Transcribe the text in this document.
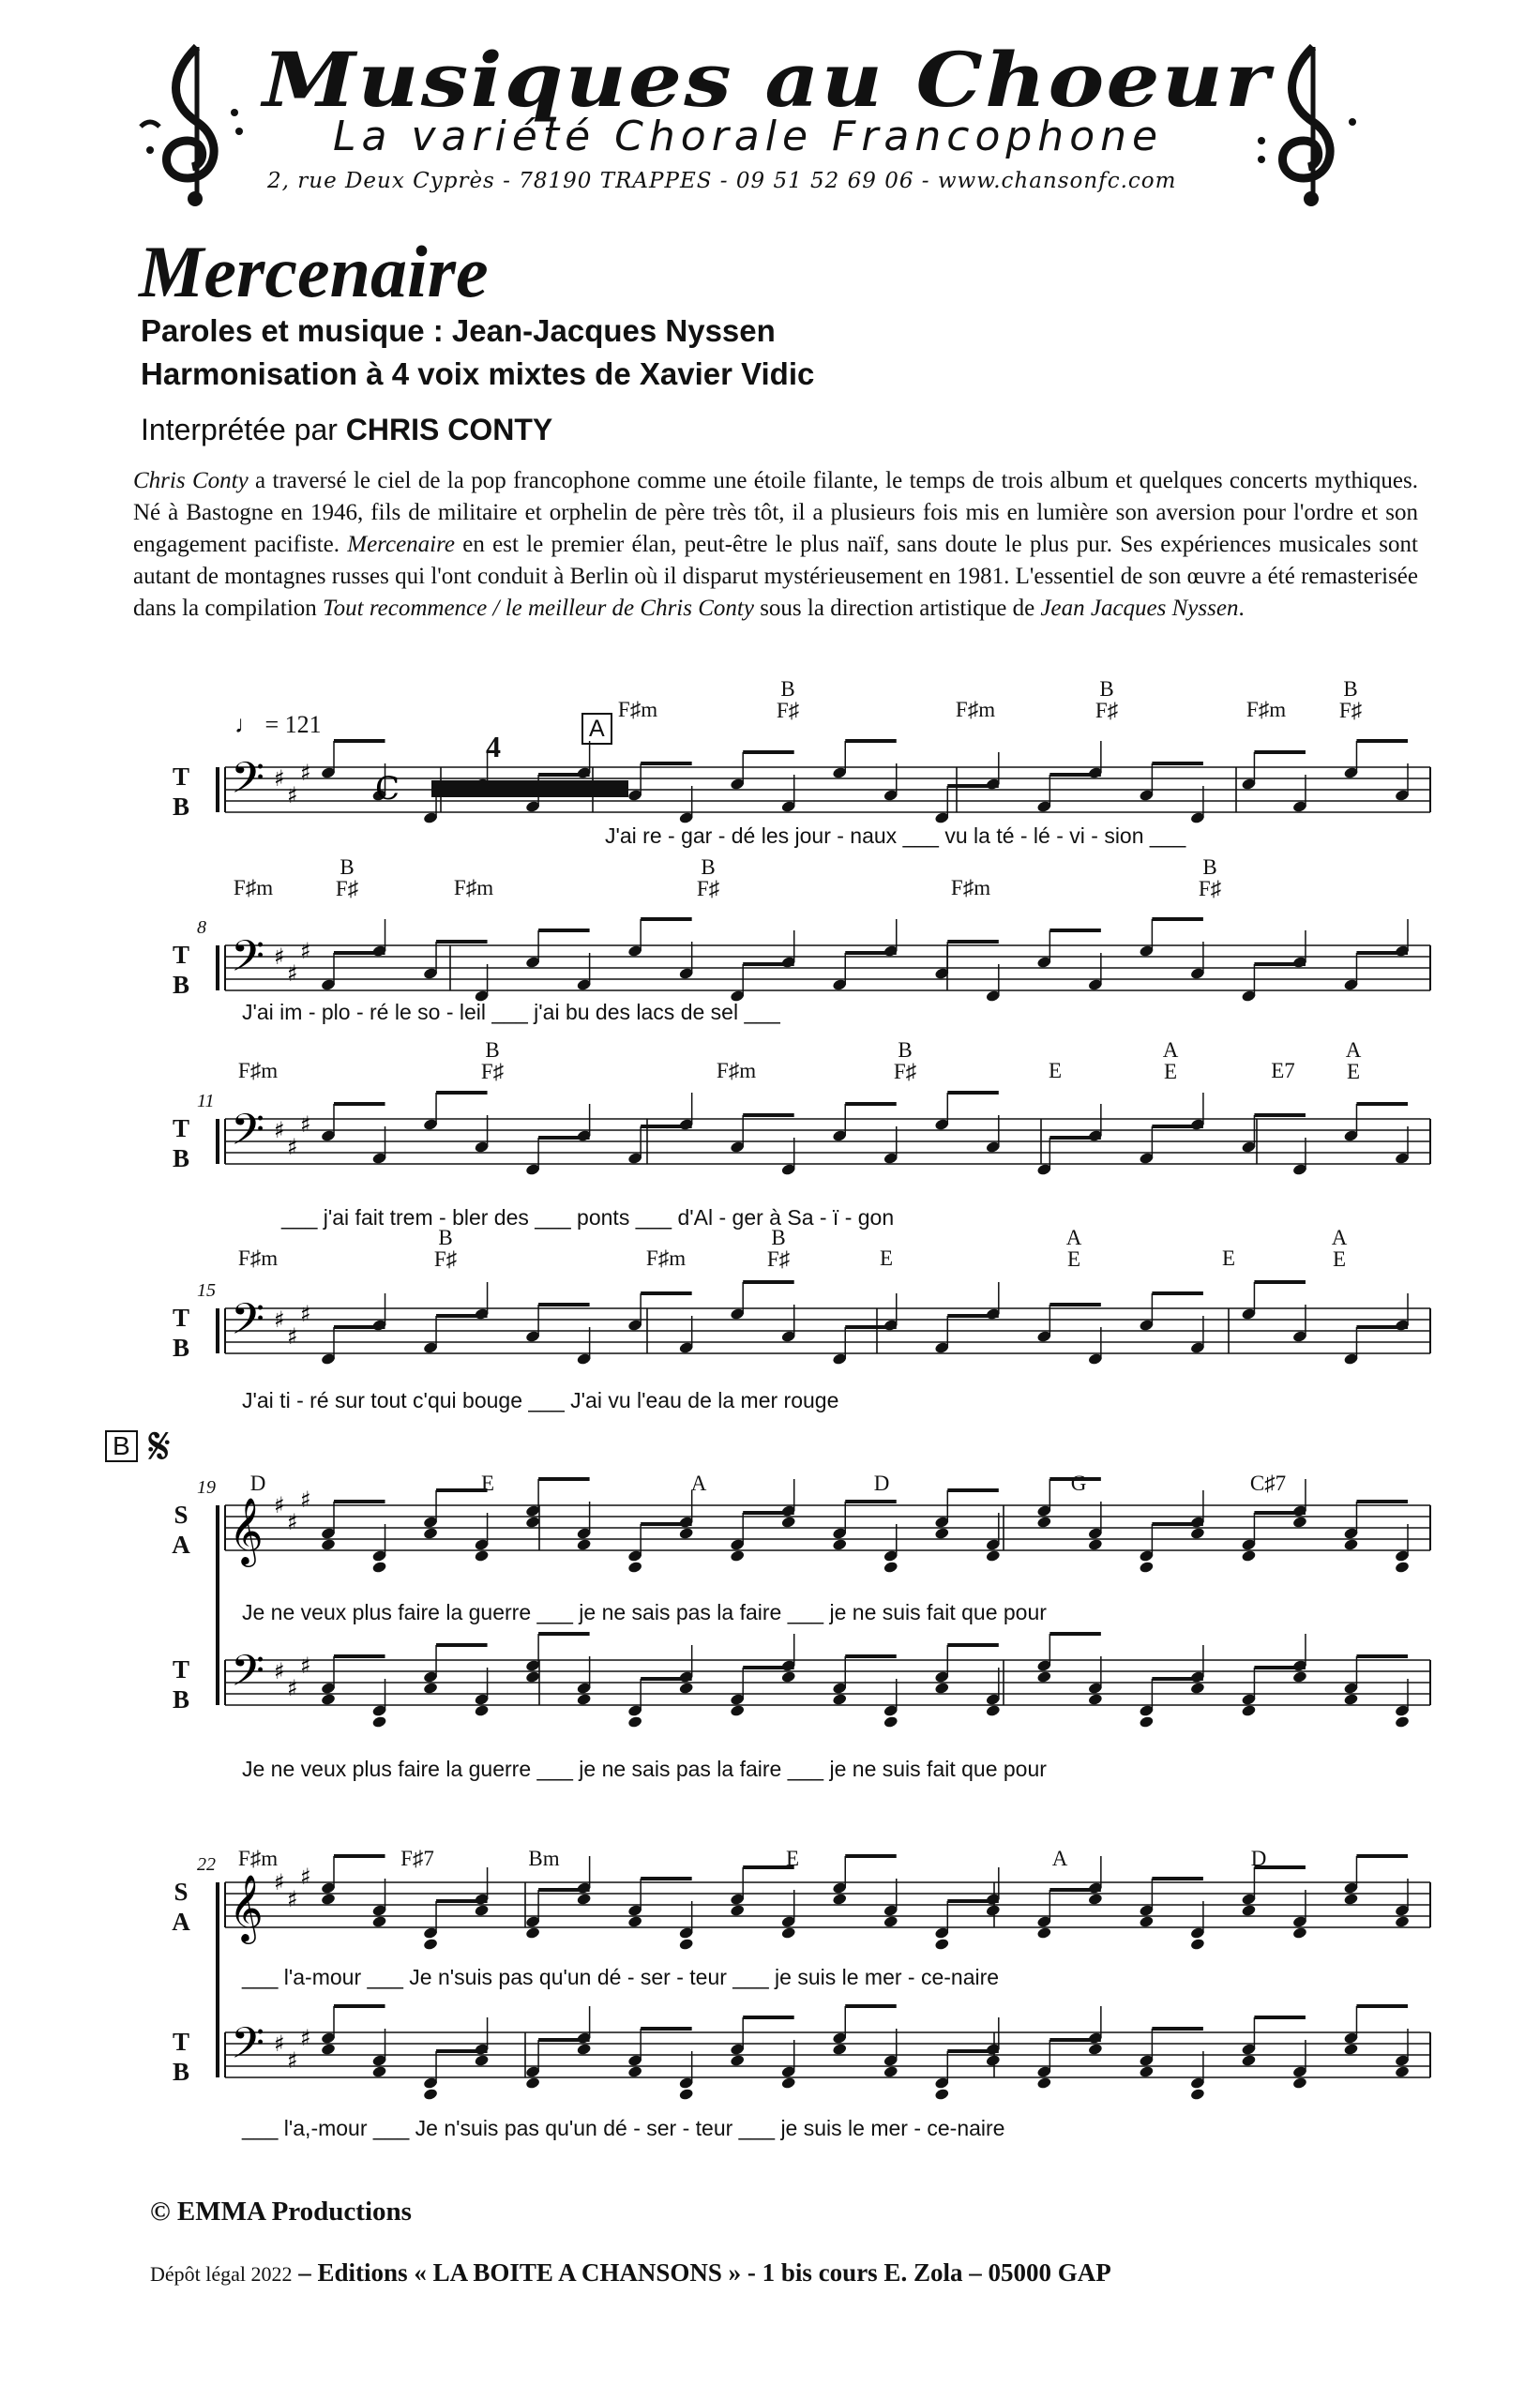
Musiques au Choeur
La variété Chorale Francophone
2, rue Deux Cyprès - 78190 TRAPPES - 09 51 52 69 06 - www.chansonfc.com
Mercenaire
Paroles et musique : Jean-Jacques Nyssen
Harmonisation à 4 voix mixtes de Xavier Vidic
Interprétée par CHRIS CONTY
Chris Conty a traversé le ciel de la pop francophone comme une étoile filante, le temps de trois album et quelques concerts mythiques. Né à Bastogne en 1946, fils de militaire et orphelin de père très tôt, il a plusieurs fois mis en lumière son aversion pour l'ordre et son engagement pacifiste. Mercenaire en est le premier élan, peut-être le plus naïf, sans doute le plus pur. Ses expériences musicales sont autant de montagnes russes qui l'ont conduit à Berlin où il disparut mystérieusement en 1981. L'essentiel de son œuvre a été remasterisée dans la compilation Tout recommence / le meilleur de Chris Conty sous la direction artistique de Jean Jacques Nyssen.
𝄢 ♯
♯
♯
𝄢 ♯
♯
♯
𝄢 ♯
♯
♯
𝄢 ♯
♯
♯
𝄞 ♯
♯
♯
𝄢 ♯
♯
♯
𝄞 ♯
♯
♯
𝄢 ♯
♯
♯
C
T
B
F♯m
B
F♯	F♯m
B
F♯	F♯m
B
F♯
J'ai re - gar - dé les jour - naux ___ vu la té - lé - vi - sion ___
T
B
8
F♯m
B
F♯	F♯m
B
F♯	F♯m
B
F♯
J'ai im - plo - ré le so - leil ___ j'ai bu des lacs de sel ___
T
B
11
F♯m
B
F♯	F♯m
B
F♯	E
A
E	E7
A
E
___ j'ai fait trem - bler des ___ ponts ___ d'Al - ger à Sa - ï - gon
T
B
15
F♯m
B
F♯	F♯m
B
F♯	E
A
E	E
A
E
J'ai ti - ré sur tout c'qui bouge ___ J'ai vu l'eau de la mer rouge
S
A
T
B
19	D	E	A	D	G	C♯7
Je ne veux plus faire la guerre ___ je ne sais pas la faire ___ je ne suis fait que pour
Je ne veux plus faire la guerre ___ je ne sais pas la faire ___ je ne suis fait que pour
S
A
T
B
22 F♯m	F♯7	Bm	E	A	D
___ l'a-mour ___ Je n'suis pas qu'un dé - ser - teur ___ je suis le mer - ce-naire
___ l'a,-mour ___ Je n'suis pas qu'un dé - ser - teur ___ je suis le mer - ce-naire
♩ = 121
4
A
B 𝄋
© EMMA Productions
Dépôt légal 2022 – Editions « LA BOITE A CHANSONS » - 1 bis cours E. Zola – 05000 GAP
